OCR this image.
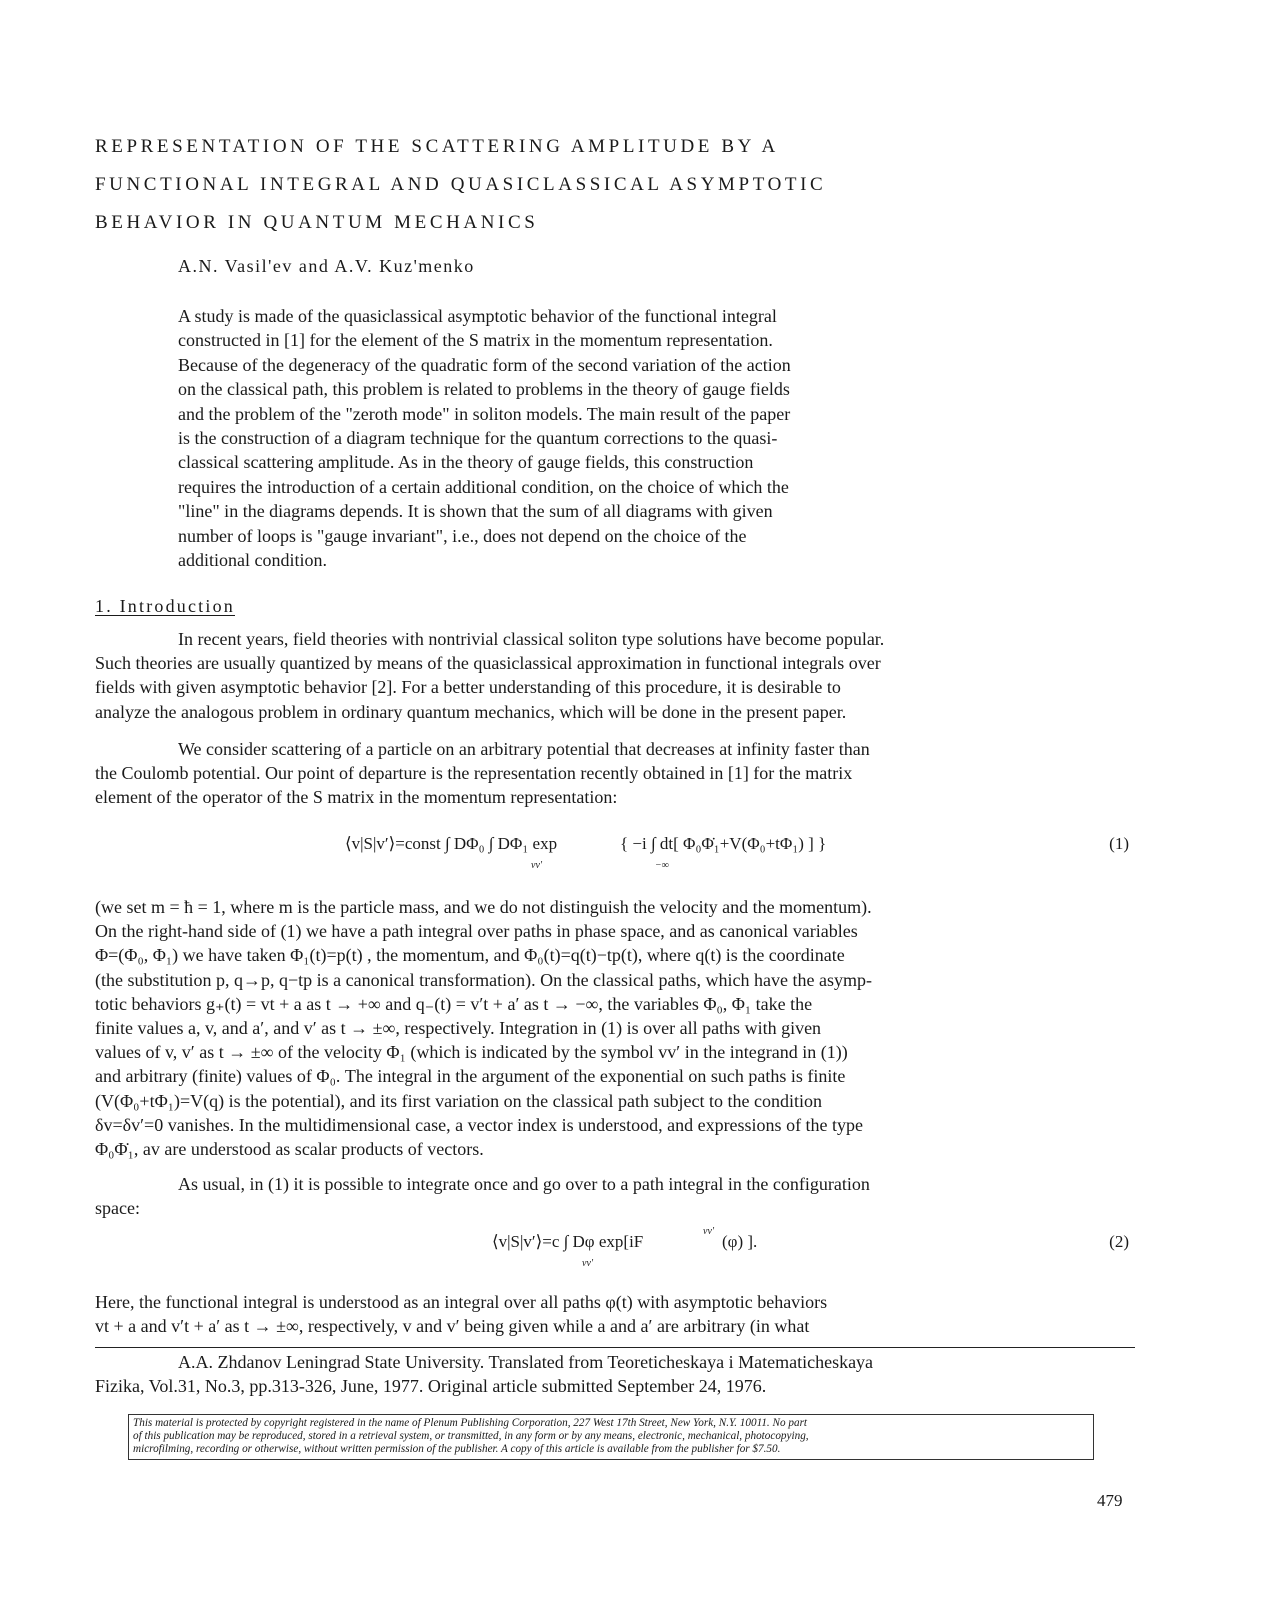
REPRESENTATION OF THE SCATTERING AMPLITUDE BY A
FUNCTIONAL INTEGRAL AND QUASICLASSICAL ASYMPTOTIC
BEHAVIOR IN QUANTUM MECHANICS
A.N. Vasil'ev and A.V. Kuz'menko
A study is made of the quasiclassical asymptotic behavior of the functional integral
constructed in [1] for the element of the S matrix in the momentum representation.
Because of the degeneracy of the quadratic form of the second variation of the action
on the classical path, this problem is related to problems in the theory of gauge fields
and the problem of the "zeroth mode" in soliton models. The main result of the paper
is the construction of a diagram technique for the quantum corrections to the quasi-
classical scattering amplitude. As in the theory of gauge fields, this construction
requires the introduction of a certain additional condition, on the choice of which the
"line" in the diagrams depends. It is shown that the sum of all diagrams with given
number of loops is "gauge invariant", i.e., does not depend on the choice of the
additional condition.
1. Introduction
In recent years, field theories with nontrivial classical soliton type solutions have become popular.
Such theories are usually quantized by means of the quasiclassical approximation in functional integrals over
fields with given asymptotic behavior [2]. For a better understanding of this procedure, it is desirable to
analyze the analogous problem in ordinary quantum mechanics, which will be done in the present paper.
We consider scattering of a particle on an arbitrary potential that decreases at infinity faster than
the Coulomb potential. Our point of departure is the representation recently obtained in [1] for the matrix
element of the operator of the S matrix in the momentum representation:
⟨v|S|v′⟩=const ∫ DΦ₀ ∫ DΦ₁ exp	{ −i ∫ dt[ Φ₀Φ̇₁+V(Φ₀+tΦ₁) ] }
vv′	−∞
(1)
(we set m = ħ = 1, where m is the particle mass, and we do not distinguish the velocity and the momentum).
On the right-hand side of (1) we have a path integral over paths in phase space, and as canonical variables
Φ=(Φ₀, Φ₁) we have taken Φ₁(t)=p(t) , the momentum, and Φ₀(t)=q(t)−tp(t), where q(t) is the coordinate
(the substitution p, q→p, q−tp is a canonical transformation). On the classical paths, which have the asymp-
totic behaviors g₊(t) = vt + a as t → +∞ and q₋(t) = v′t + a′ as t → −∞, the variables Φ₀, Φ₁ take the
finite values a, v, and a′, and v′ as t → ±∞, respectively. Integration in (1) is over all paths with given
values of v, v′ as t → ±∞ of the velocity Φ₁ (which is indicated by the symbol vv′ in the integrand in (1))
and arbitrary (finite) values of Φ₀. The integral in the argument of the exponential on such paths is finite
(V(Φ₀+tΦ₁)=V(q) is the potential), and its first variation on the classical path subject to the condition
δv=δv′=0 vanishes. In the multidimensional case, a vector index is understood, and expressions of the type
Φ₀Φ̇₁, av are understood as scalar products of vectors.
As usual, in (1) it is possible to integrate once and go over to a path integral in the configuration
space:
⟨v|S|v′⟩=c ∫ Dφ exp[iF
vv′
(φ) ].
vv′
(2)
Here, the functional integral is understood as an integral over all paths φ(t) with asymptotic behaviors
vt + a and v′t + a′ as t → ±∞, respectively, v and v′ being given while a and a′ are arbitrary (in what
A.A. Zhdanov Leningrad State University. Translated from Teoreticheskaya i Matematicheskaya
Fizika, Vol.31, No.3, pp.313-326, June, 1977. Original article submitted September 24, 1976.
This material is protected by copyright registered in the name of Plenum Publishing Corporation, 227 West 17th Street, New York, N.Y. 10011. No part
of this publication may be reproduced, stored in a retrieval system, or transmitted, in any form or by any means, electronic, mechanical, photocopying,
microfilming, recording or otherwise, without written permission of the publisher. A copy of this article is available from the publisher for $7.50.
479
